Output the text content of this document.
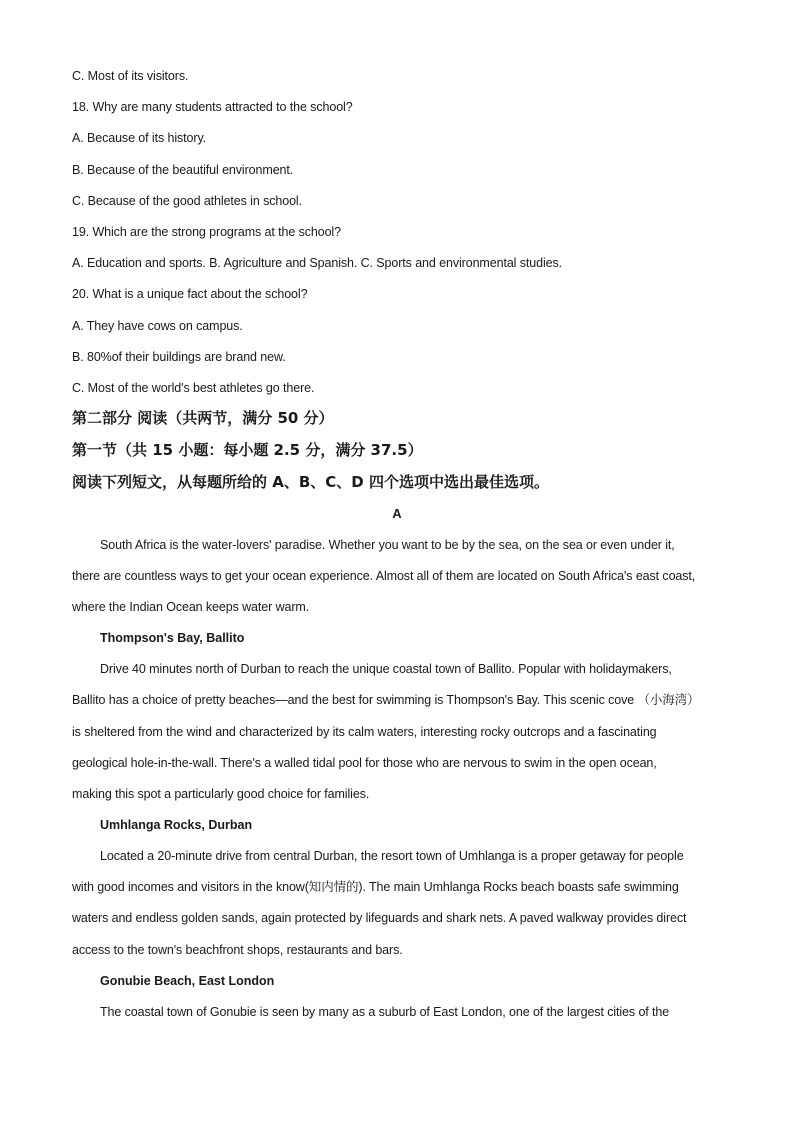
C. Most of its visitors.
18. Why are many students attracted to the school?
A. Because of its history.
B. Because of the beautiful environment.
C. Because of the good athletes in school.
19. Which are the strong programs at the school?
A. Education and sports. B. Agriculture and Spanish. C. Sports and environmental studies.
20. What is a unique fact about the school?
A. They have cows on campus.
B. 80%of their buildings are brand new.
C. Most of the world's best athletes go there.
第二部分 阅读（共两节，满分 50 分）
第一节（共 15 小题：每小题 2.5 分，满分 37.5）
阅读下列短文，从每题所给的 A、B、C、D 四个选项中选出最佳选项。
A
South Africa is the water-lovers' paradise. Whether you want to be by the sea, on the sea or even under it,
there are countless ways to get your ocean experience. Almost all of them are located on South Africa's east coast,
where the Indian Ocean keeps water warm.
Thompson's Bay, Ballito
Drive 40 minutes north of Durban to reach the unique coastal town of Ballito. Popular with holidaymakers,
Ballito has a choice of pretty beaches—and the best for swimming is Thompson's Bay. This scenic cove （小海湾）
is sheltered from the wind and characterized by its calm waters, interesting rocky outcrops and a fascinating
geological hole-in-the-wall. There's a walled tidal pool for those who are nervous to swim in the open ocean,
making this spot a particularly good choice for families.
Umhlanga Rocks, Durban
Located a 20-minute drive from central Durban, the resort town of Umhlanga is a proper getaway for people
with good incomes and visitors in the know(知内情的). The main Umhlanga Rocks beach boasts safe swimming
waters and endless golden sands, again protected by lifeguards and shark nets. A paved walkway provides direct
access to the town's beachfront shops, restaurants and bars.
Gonubie Beach, East London
The coastal town of Gonubie is seen by many as a suburb of East London, one of the largest cities of the
